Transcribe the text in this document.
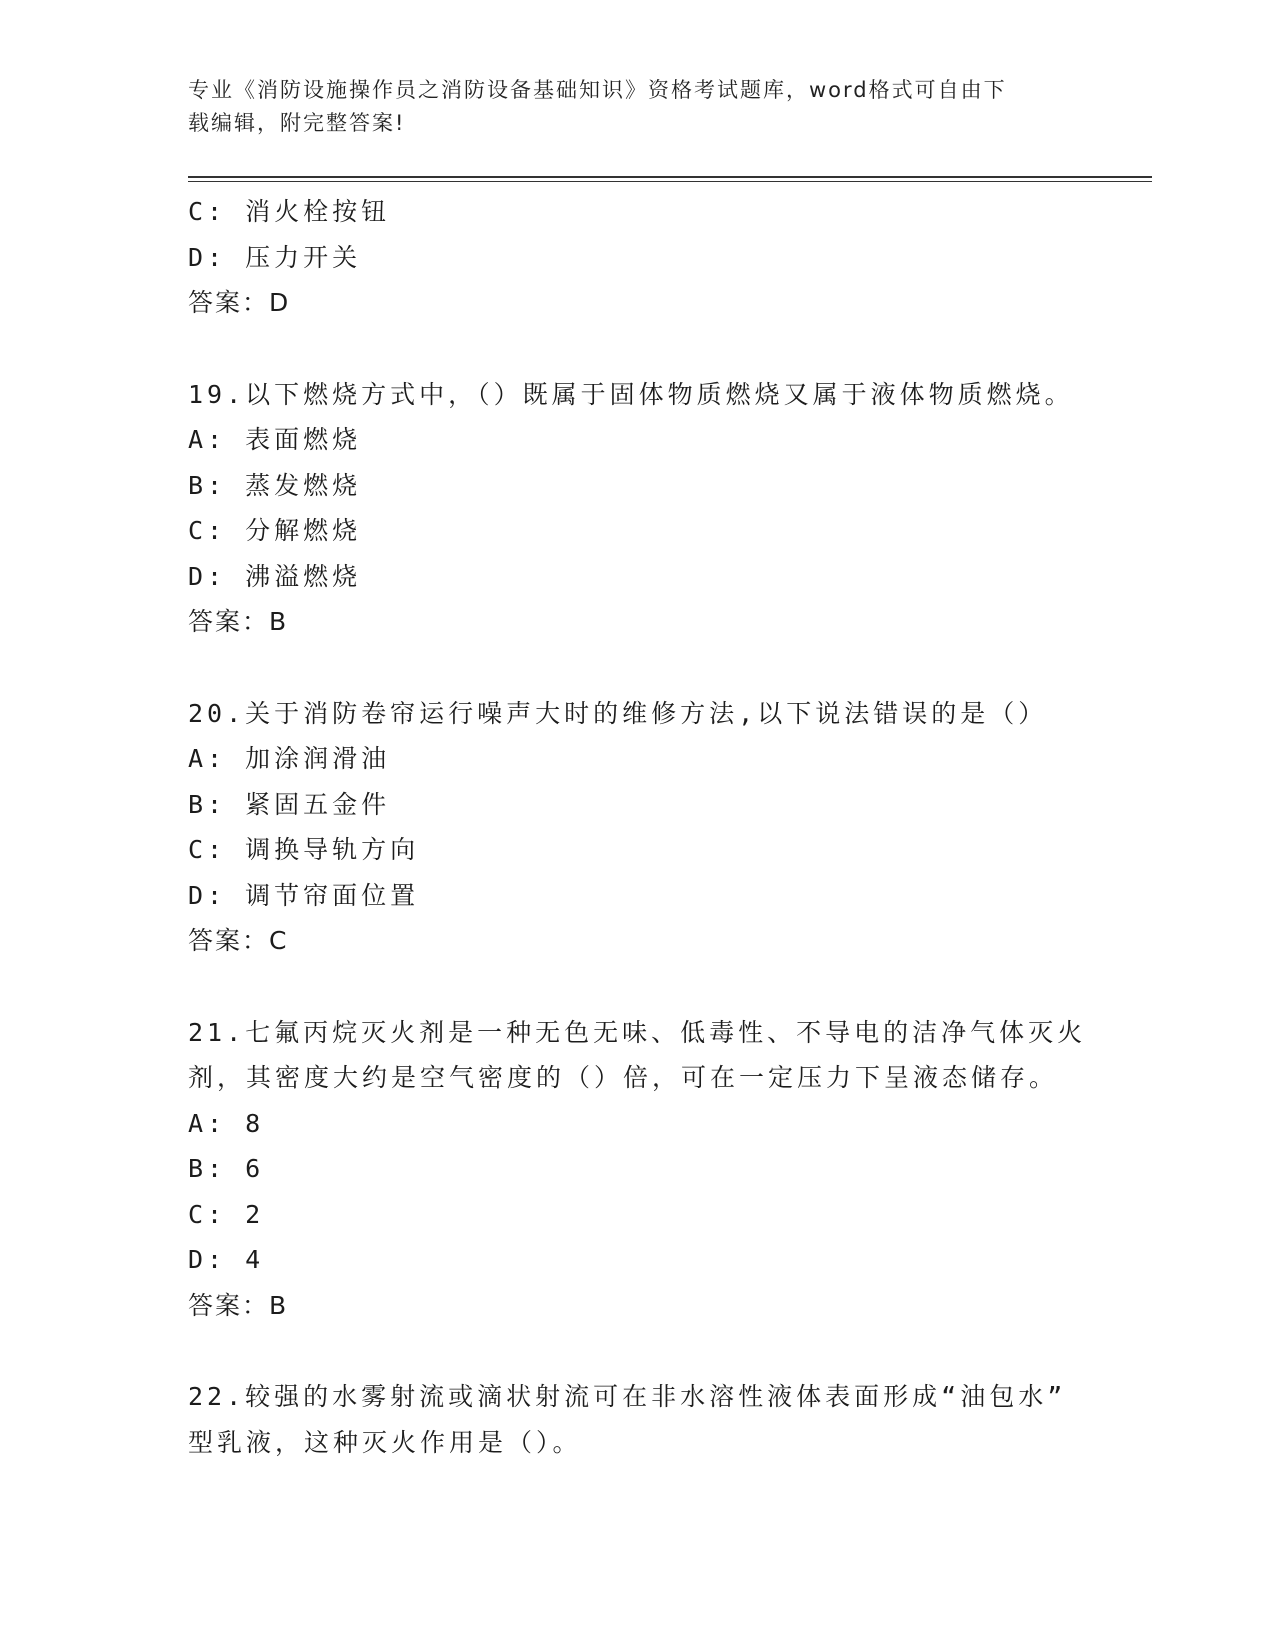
专业《消防设施操作员之消防设备基础知识》资格考试题库，word格式可自由下
载编辑，附完整答案!
C: 消火栓按钮
D: 压力开关
答案：D
19.以下燃烧方式中，（）既属于固体物质燃烧又属于液体物质燃烧。
A: 表面燃烧
B: 蒸发燃烧
C: 分解燃烧
D: 沸溢燃烧
答案：B
20.关于消防卷帘运行噪声大时的维修方法,以下说法错误的是（）
A: 加涂润滑油
B: 紧固五金件
C: 调换导轨方向
D: 调节帘面位置
答案：C
21.七氟丙烷灭火剂是一种无色无味、低毒性、不导电的洁净气体灭火
剂，其密度大约是空气密度的（）倍，可在一定压力下呈液态储存。
A: 8
B: 6
C: 2
D: 4
答案：B
22.较强的水雾射流或滴状射流可在非水溶性液体表面形成“油包水”
型乳液，这种灭火作用是（）。
